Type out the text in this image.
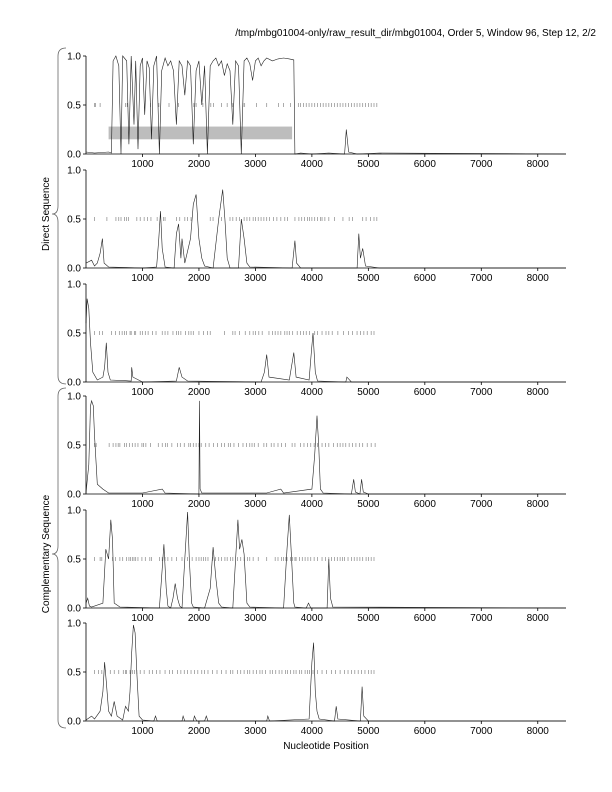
/tmp/mbg01004-only/raw_result_dir/mbg01004, Order 5, Window 96, Step 12, 2/2
Nucleotide Position
Direct Sequence
Complementary Sequence
0.0
0.5
1.0
1000	2000	3000	4000	5000	6000	7000	8000
0.0
0.5
1.0
1000	2000	3000	4000	5000	6000	7000	8000
0.0
0.5
1.0
1000	2000	3000	4000	5000	6000	7000	8000
0.0
0.5
1.0
1000	2000	3000	4000	5000	6000	7000	8000
0.0
0.5
1.0
1000	2000	3000	4000	5000	6000	7000	8000
0.0
0.5
1.0
1000	2000	3000	4000	5000	6000	7000	8000
